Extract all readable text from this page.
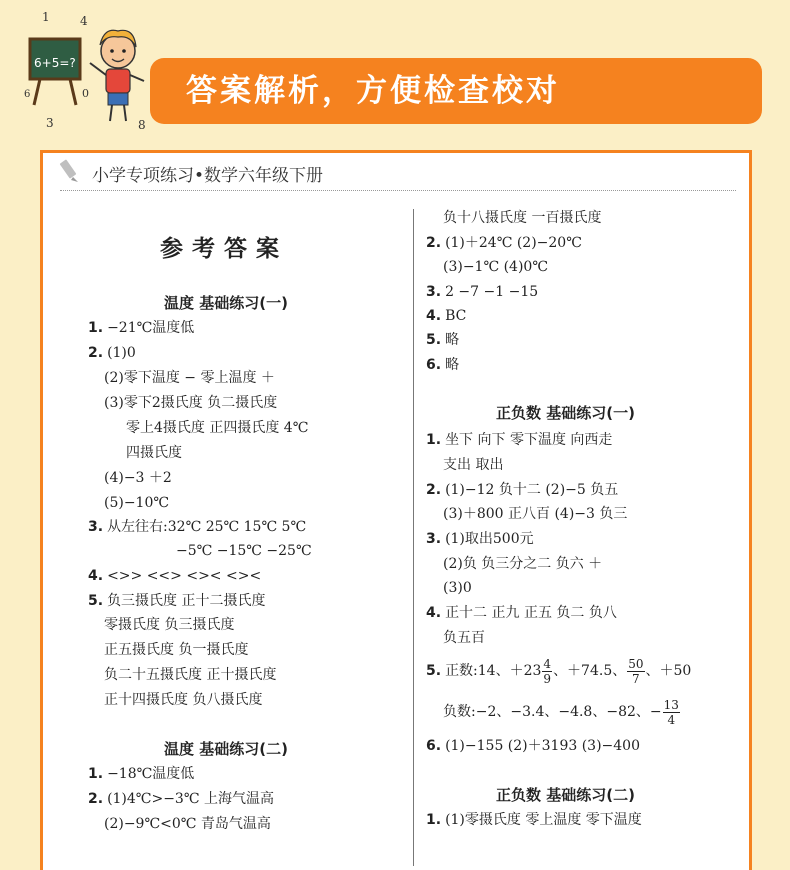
6+5=?
1	4
0
3	8
6	答案解析，方便检查校对
小学专项练习•数学六年级下册
参考答案
温度 基础练习(一)
1. −21℃温度低
2. (1)0
(2)零下温度 − 零上温度 ＋
(3)零下2摄氏度 负二摄氏度
零上4摄氏度 正四摄氏度 4℃
四摄氏度
(4)−3 ＋2
(5)−10℃
3. 从左往右:32℃ 25℃ 15℃ 5℃
−5℃ −15℃ −25℃
4. <>> <<> <>< <><
5. 负三摄氏度 正十二摄氏度
零摄氏度 负三摄氏度
正五摄氏度 负一摄氏度
负二十五摄氏度 正十摄氏度
正十四摄氏度 负八摄氏度
温度 基础练习(二)
1. −18℃温度低
2. (1)4℃>−3℃ 上海气温高
(2)−9℃<0℃ 青岛气温高
负十八摄氏度 一百摄氏度
2. (1)＋24℃ (2)−20℃
(3)−1℃ (4)0℃
3. 2 −7 −1 −15
4. BC
5. 略
6. 略
正负数 基础练习(一)
1. 坐下 向下 零下温度 向西走
支出 取出
2. (1)−12 负十二 (2)−5 负五
(3)＋800 正八百 (4)−3 负三
3. (1)取出500元
(2)负 负三分之二 负六 ＋
(3)0
4. 正十二 正九 正五 负二 负八
负五百
5. 正数:14、$+23 \frac{4}{9}$ 、＋74.5、 $\frac{50}{7}$ 、＋50
负数:−2、−3.4、−4.8、−82、− $\frac{13}{4}$
6. (1)−155 (2)＋3193 (3)−400
正负数 基础练习(二)
1. (1)零摄氏度 零上温度 零下温度
